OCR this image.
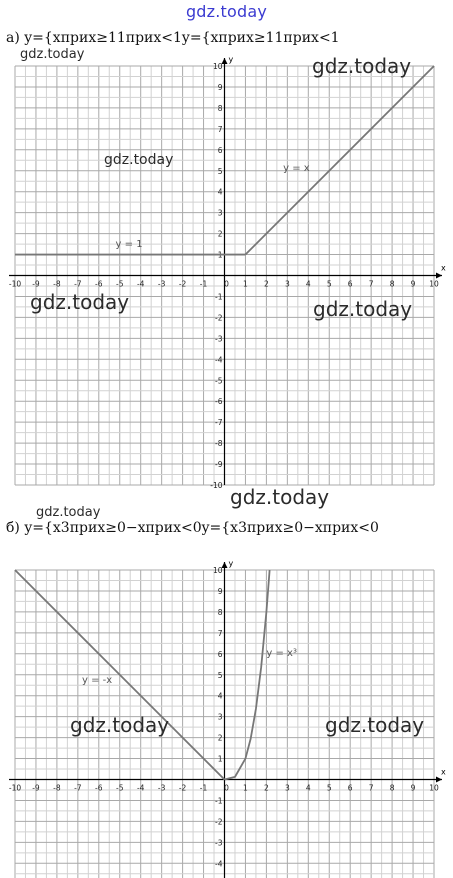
gdz.today
а) y={xприх≥11прих<1y={xприх≥11прих<1
б) y={x3прих≥0−xприх<0y={x3прих≥0−xприх<0
x
y
-10 -9 -8 -7 -6 -5 -4 -3 -2 -1 0 1 2 3 4 5 6 7 8 9 10
10
9
8
7
6
5
4
3
2
1
-1
-2
-3
-4
-5
-6
-7
-8
-9
-10
y = 1
y = x
x
y
-10 -9 -8 -7 -6 -5 -4 -3 -2 -1 0 1 2 3 4 5 6 7 8 9 10
10
9
8
7
6
5
4
3
2
1
-1
-2
-3
-4
y = -x
y = x³
gdz.today	gdz.today
gdz.today
gdz.today	gdz.today
gdz.today
gdz.today
gdz.today	gdz.today
